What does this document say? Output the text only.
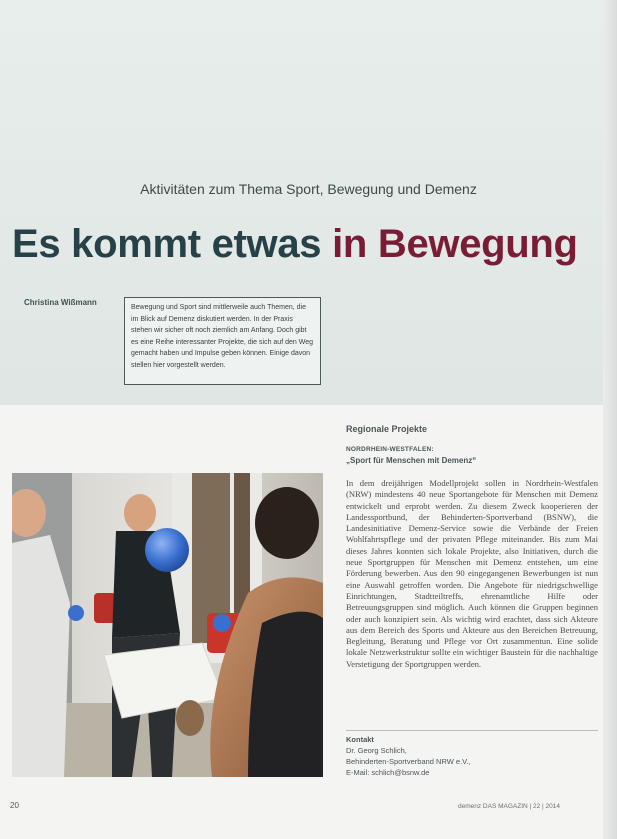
Aktivitäten zum Thema Sport, Bewegung und Demenz
Es kommt etwas in Bewegung
Christina Wißmann

Bewegung und Sport sind mittlerweile auch Themen, die im Blick auf Demenz diskutiert werden. In der Praxis stehen wir sicher oft noch ziemlich am Anfang. Doch gibt es eine Reihe interessanter Projekte, die sich auf den Weg gemacht haben und Impulse geben können. Einige davon stellen hier vorgestellt werden.

Regionale Projekte
NORDRHEIN-WESTFALEN:
„Sport für Menschen mit Demenz“

In dem dreijährigen Modellprojekt sollen in Nordrhein-Westfalen (NRW) mindestens 40 neue Sportangebote für Menschen mit Demenz entwickelt und erprobt werden. Zu diesem Zweck kooperieren der Landessportbund, der Behinderten-Sportverband (BSNW), die Landesinitiative Demenz-Service sowie die Verbände der Freien Wohlfahrtspflege und der privaten Pflege miteinander. Bis zum Mai dieses Jahres konnten sich lokale Projekte, also Initiativen, durch die neue Sportgruppen für Menschen mit Demenz entstehen, um eine Förderung bewerben. Aus den 90 eingegangenen Bewerbungen ist nun eine Auswahl getroffen worden. Die Angebote für niedrigschwellige Einrichtungen, Stadtteiltreffs, ehrenamtliche Hilfe oder Betreuungsgruppen sind möglich. Auch können die Gruppen beginnen oder auch konzipiert sein. Als wichtig wird erachtet, dass sich Akteure aus dem Bereich des Sports und Akteure aus den Bereichen Betreuung, Begleitung, Beratung und Pflege vor Ort zusammentun. Eine solide lokale Netzwerkstruktur sollte ein wichtiger Baustein für die nachhaltige Verstetigung der Sportgruppen werden.

Kontakt
Dr. Georg Schlich,
Behinderten-Sportverband NRW e.V.,
E-Mail: schlich@bsnw.de
20	demenz DAS MAGAZIN | 22 | 2014
